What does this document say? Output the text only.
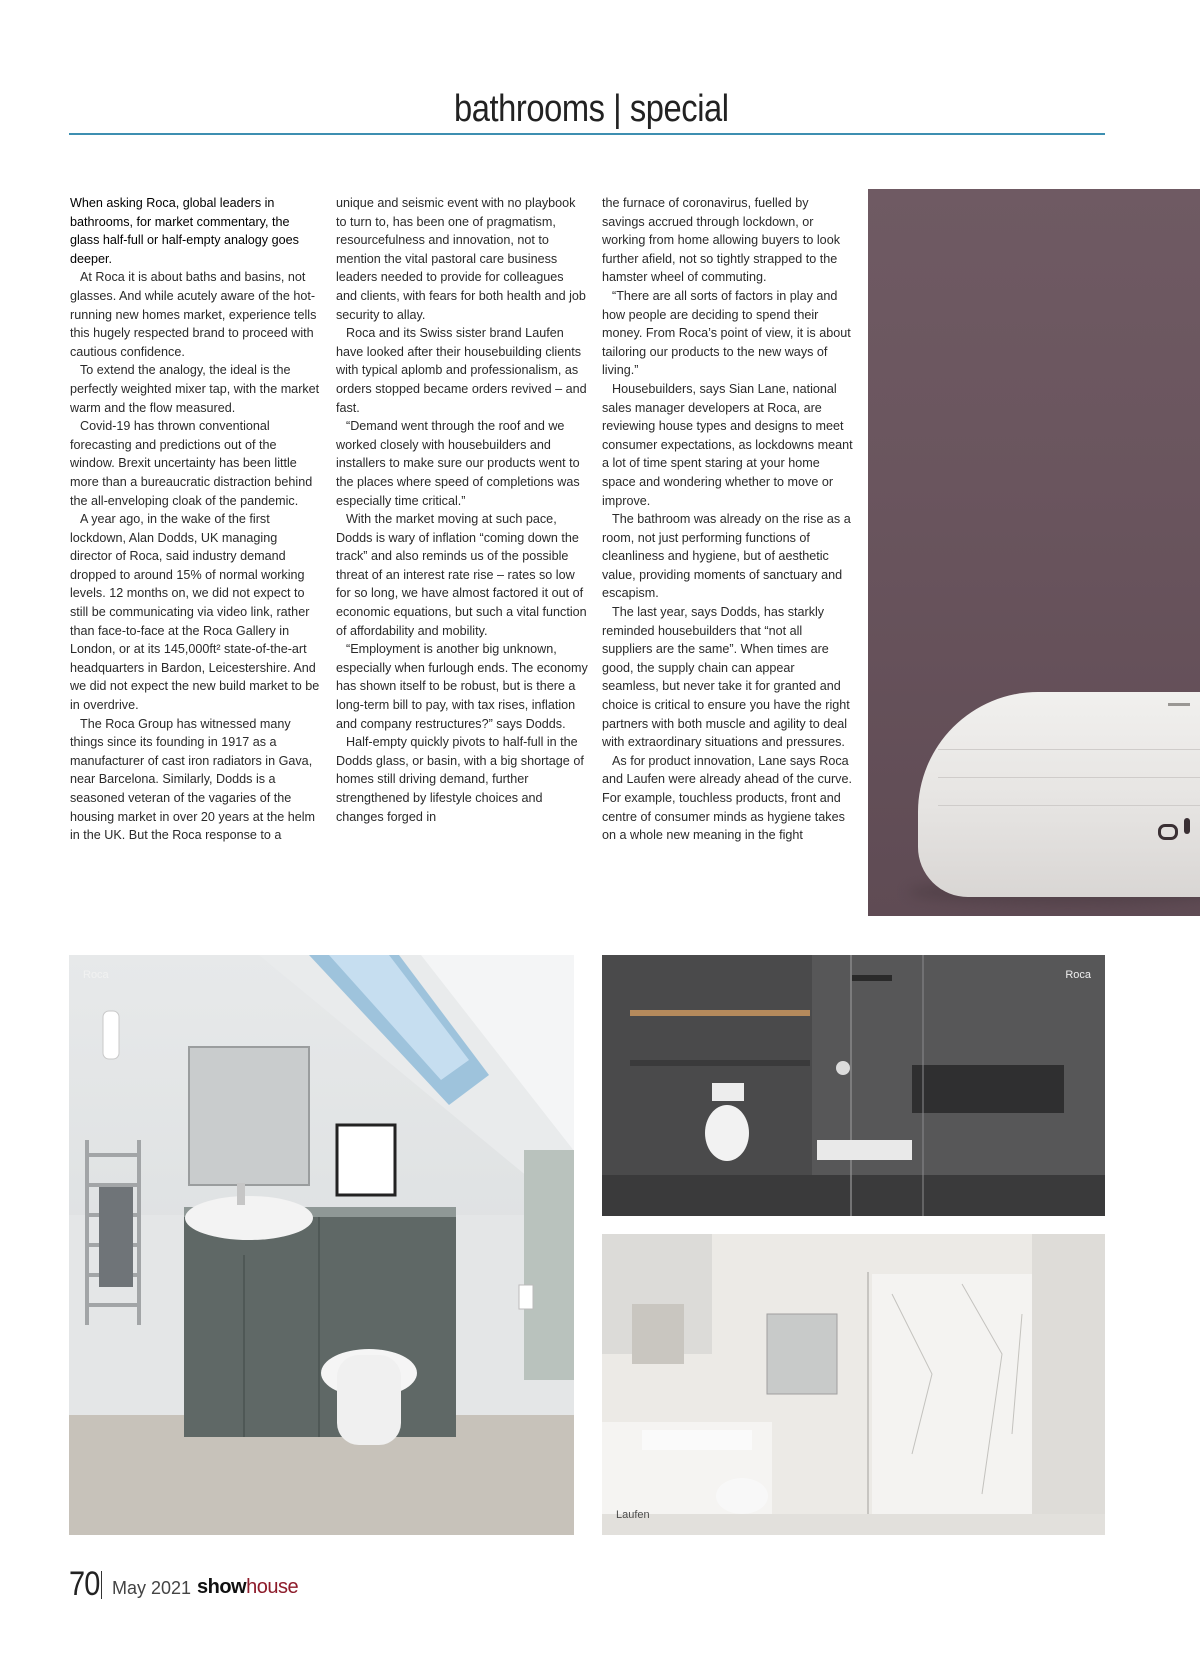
bathrooms | special

When asking Roca, global leaders in bathrooms, for market commentary, the glass half-full or half-empty analogy goes deeper.

At Roca it is about baths and basins, not glasses. And while acutely aware of the hot-running new homes market, experience tells this hugely respected brand to proceed with cautious confidence.

To extend the analogy, the ideal is the perfectly weighted mixer tap, with the market warm and the flow measured.

Covid-19 has thrown conventional forecasting and predictions out of the window. Brexit uncertainty has been little more than a bureaucratic distraction behind the all-enveloping cloak of the pandemic.

A year ago, in the wake of the first lockdown, Alan Dodds, UK managing director of Roca, said industry demand dropped to around 15% of normal working levels. 12 months on, we did not expect to still be communicating via video link, rather than face-to-face at the Roca Gallery in London, or at its 145,000ft² state-of-the-art headquarters in Bardon, Leicestershire. And we did not expect the new build market to be in overdrive.

The Roca Group has witnessed many things since its founding in 1917 as a manufacturer of cast iron radiators in Gava, near Barcelona. Similarly, Dodds is a seasoned veteran of the vagaries of the housing market in over 20 years at the helm in the UK. But the Roca response to a

unique and seismic event with no playbook to turn to, has been one of pragmatism, resourcefulness and innovation, not to mention the vital pastoral care business leaders needed to provide for colleagues and clients, with fears for both health and job security to allay.

Roca and its Swiss sister brand Laufen have looked after their housebuilding clients with typical aplomb and professionalism, as orders stopped became orders revived – and fast.

“Demand went through the roof and we worked closely with housebuilders and installers to make sure our products went to the places where speed of completions was especially time critical.”

With the market moving at such pace, Dodds is wary of inflation “coming down the track” and also reminds us of the possible threat of an interest rate rise – rates so low for so long, we have almost factored it out of economic equations, but such a vital function of affordability and mobility.

“Employment is another big unknown, especially when furlough ends. The economy has shown itself to be robust, but is there a long-term bill to pay, with tax rises, inflation and company restructures?” says Dodds.

Half-empty quickly pivots to half-full in the Dodds glass, or basin, with a big shortage of homes still driving demand, further strengthened by lifestyle choices and changes forged in

the furnace of coronavirus, fuelled by savings accrued through lockdown, or working from home allowing buyers to look further afield, not so tightly strapped to the hamster wheel of commuting.

“There are all sorts of factors in play and how people are deciding to spend their money. From Roca’s point of view, it is about tailoring our products to the new ways of living.”

Housebuilders, says Sian Lane, national sales manager developers at Roca, are reviewing house types and designs to meet consumer expectations, as lockdowns meant a lot of time spent staring at your home space and wondering whether to move or improve.

The bathroom was already on the rise as a room, not just performing functions of cleanliness and hygiene, but of aesthetic value, providing moments of sanctuary and escapism.

The last year, says Dodds, has starkly reminded housebuilders that “not all suppliers are the same”. When times are good, the supply chain can appear seamless, but never take it for granted and choice is critical to ensure you have the right partners with both muscle and agility to deal with extraordinary situations and pressures.

As for product innovation, Lane says Roca and Laufen were already ahead of the curve. For example, touchless products, front and centre of consumer minds as hygiene takes on a whole new meaning in the fight

Roca	Roca
Laufen
70 May 2021 showhouse
